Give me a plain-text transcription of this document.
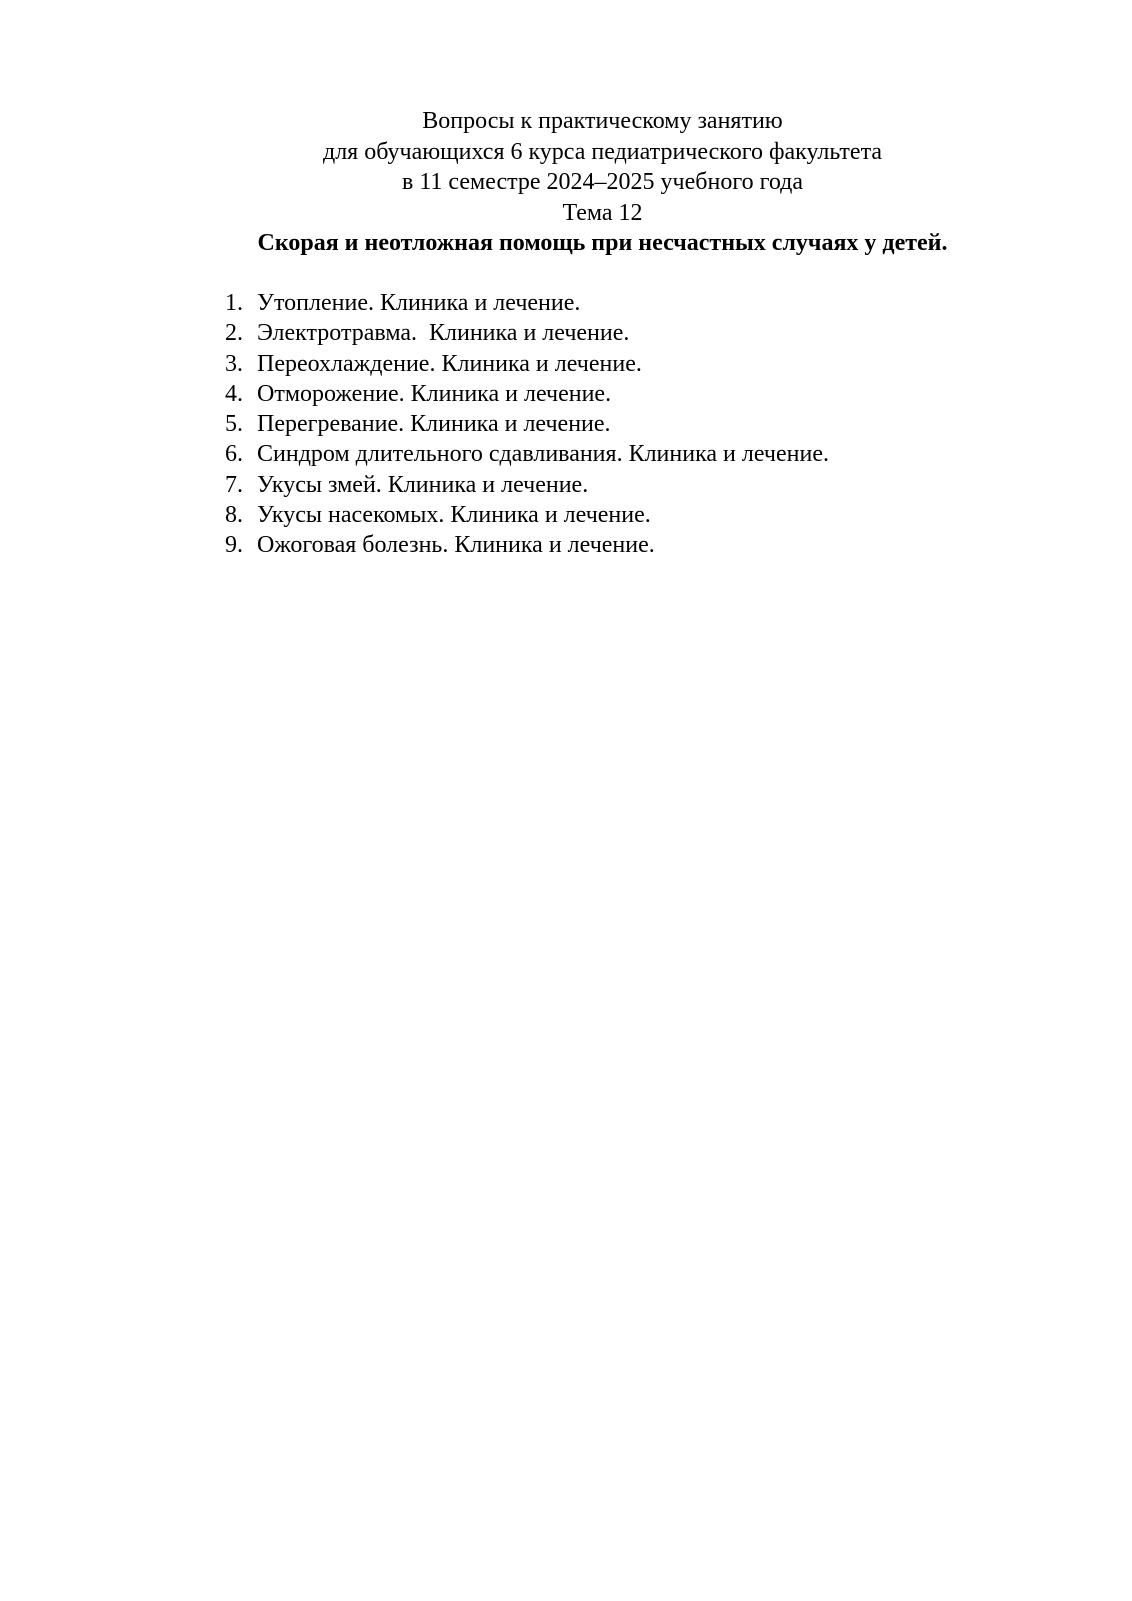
Вопросы к практическому занятию
для обучающихся 6 курса педиатрического факультета
в 11 семестре 2024–2025 учебного года
Тема 12
Скорая и неотложная помощь при несчастных случаях у детей.
1. Утопление. Клиника и лечение.
2. Электротравма.  Клиника и лечение.
3. Переохлаждение. Клиника и лечение.
4. Отморожение. Клиника и лечение.
5. Перегревание. Клиника и лечение.
6. Синдром длительного сдавливания. Клиника и лечение.
7. Укусы змей. Клиника и лечение.
8. Укусы насекомых. Клиника и лечение.
9. Ожоговая болезнь. Клиника и лечение.
